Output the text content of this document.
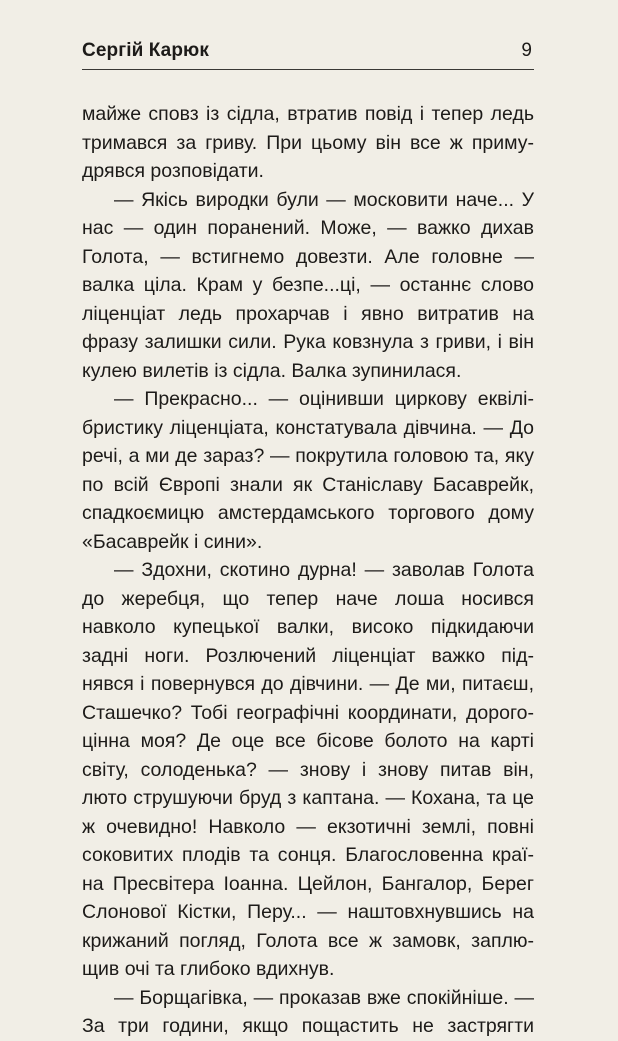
Сергій Карюк	9
майже сповз із сідла, втратив повід і тепер ледь
тримався за гриву. При цьому він все ж приму-
дрявся розповідати.
— Якісь виродки були — московити наче... У
нас — один поранений. Може, — важко дихав
Голота, — встигнемо довезти. Але головне —
валка ціла. Крам у безпе...ці, — останнє слово
ліценціат ледь прохарчав і явно витратив на
фразу залишки сили. Рука ковзнула з гриви, і він
кулею вилетів із сідла. Валка зупинилася.
— Прекрасно... — оцінивши циркову еквілі-
бристику ліценціата, констатувала дівчина. — До
речі, а ми де зараз? — покрутила головою та, яку
по всій Європі знали як Станіславу Басаврейк,
спадкоємицю амстердамського торгового дому
«Басаврейк і сини».
— Здохни, скотино дурна! — заволав Голота
до жеребця, що тепер наче лоша носився
навколо купецької валки, високо підкидаючи
задні ноги. Розлючений ліценціат важко під-
нявся і повернувся до дівчини. — Де ми, питаєш,
Сташечко? Тобі географічні координати, дорого-
цінна моя? Де оце все бісове болото на карті
світу, солоденька? — знову і знову питав він,
люто струшуючи бруд з каптана. — Кохана, та це
ж очевидно! Навколо — екзотичні землі, повні
соковитих плодів та сонця. Благословенна краї-
на Пресвітера Іоанна. Цейлон, Бангалор, Берег
Слонової Кістки, Перу... — наштовхнувшись на
крижаний погляд, Голота все ж замовк, заплю-
щив очі та глибоко вдихнув.
— Борщагівка, — проказав вже спокійніше. —
За три години, якщо пощастить не застрягти
